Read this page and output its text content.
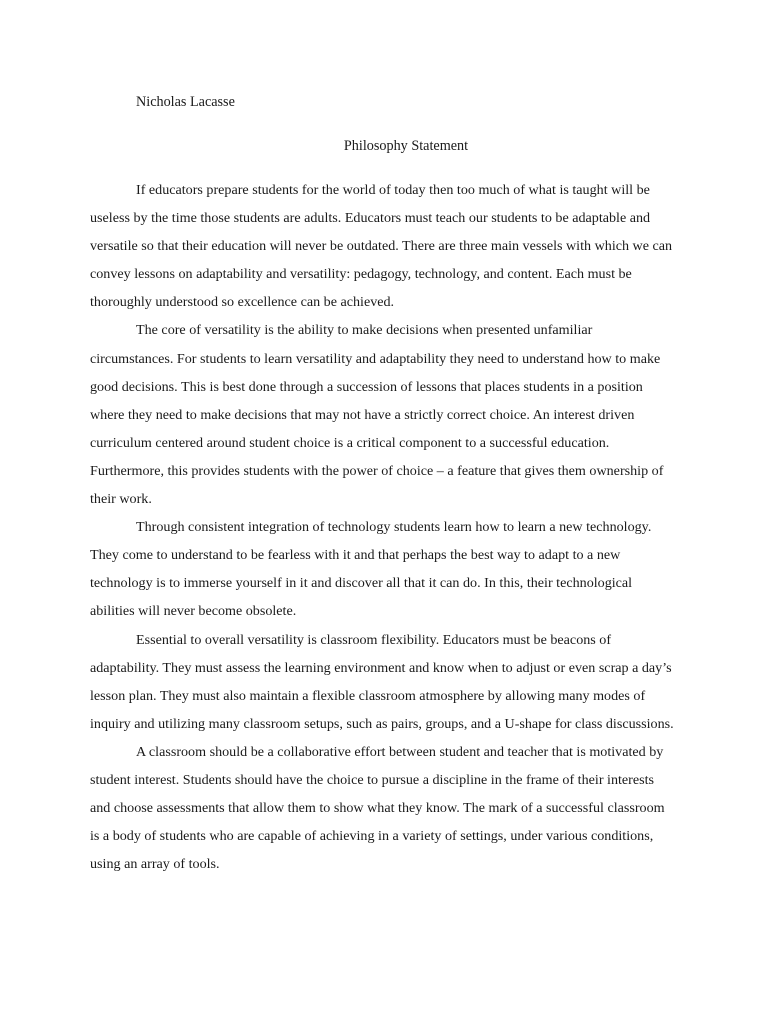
Nicholas Lacasse
Philosophy Statement

If educators prepare students for the world of today then too much of what is taught will be useless by the time those students are adults. Educators must teach our students to be adaptable and versatile so that their education will never be outdated. There are three main vessels with which we can convey lessons on adaptability and versatility: pedagogy, technology, and content. Each must be thoroughly understood so excellence can be achieved.

The core of versatility is the ability to make decisions when presented unfamiliar circumstances. For students to learn versatility and adaptability they need to understand how to make good decisions. This is best done through a succession of lessons that places students in a position where they need to make decisions that may not have a strictly correct choice. An interest driven curriculum centered around student choice is a critical component to a successful education. Furthermore, this provides students with the power of choice – a feature that gives them ownership of their work.

Through consistent integration of technology students learn how to learn a new technology. They come to understand to be fearless with it and that perhaps the best way to adapt to a new technology is to immerse yourself in it and discover all that it can do. In this, their technological abilities will never become obsolete.

Essential to overall versatility is classroom flexibility. Educators must be beacons of adaptability. They must assess the learning environment and know when to adjust or even scrap a day’s lesson plan. They must also maintain a flexible classroom atmosphere by allowing many modes of inquiry and utilizing many classroom setups, such as pairs, groups, and a U-shape for class discussions.

A classroom should be a collaborative effort between student and teacher that is motivated by student interest. Students should have the choice to pursue a discipline in the frame of their interests and choose assessments that allow them to show what they know. The mark of a successful classroom is a body of students who are capable of achieving in a variety of settings, under various conditions, using an array of tools.
